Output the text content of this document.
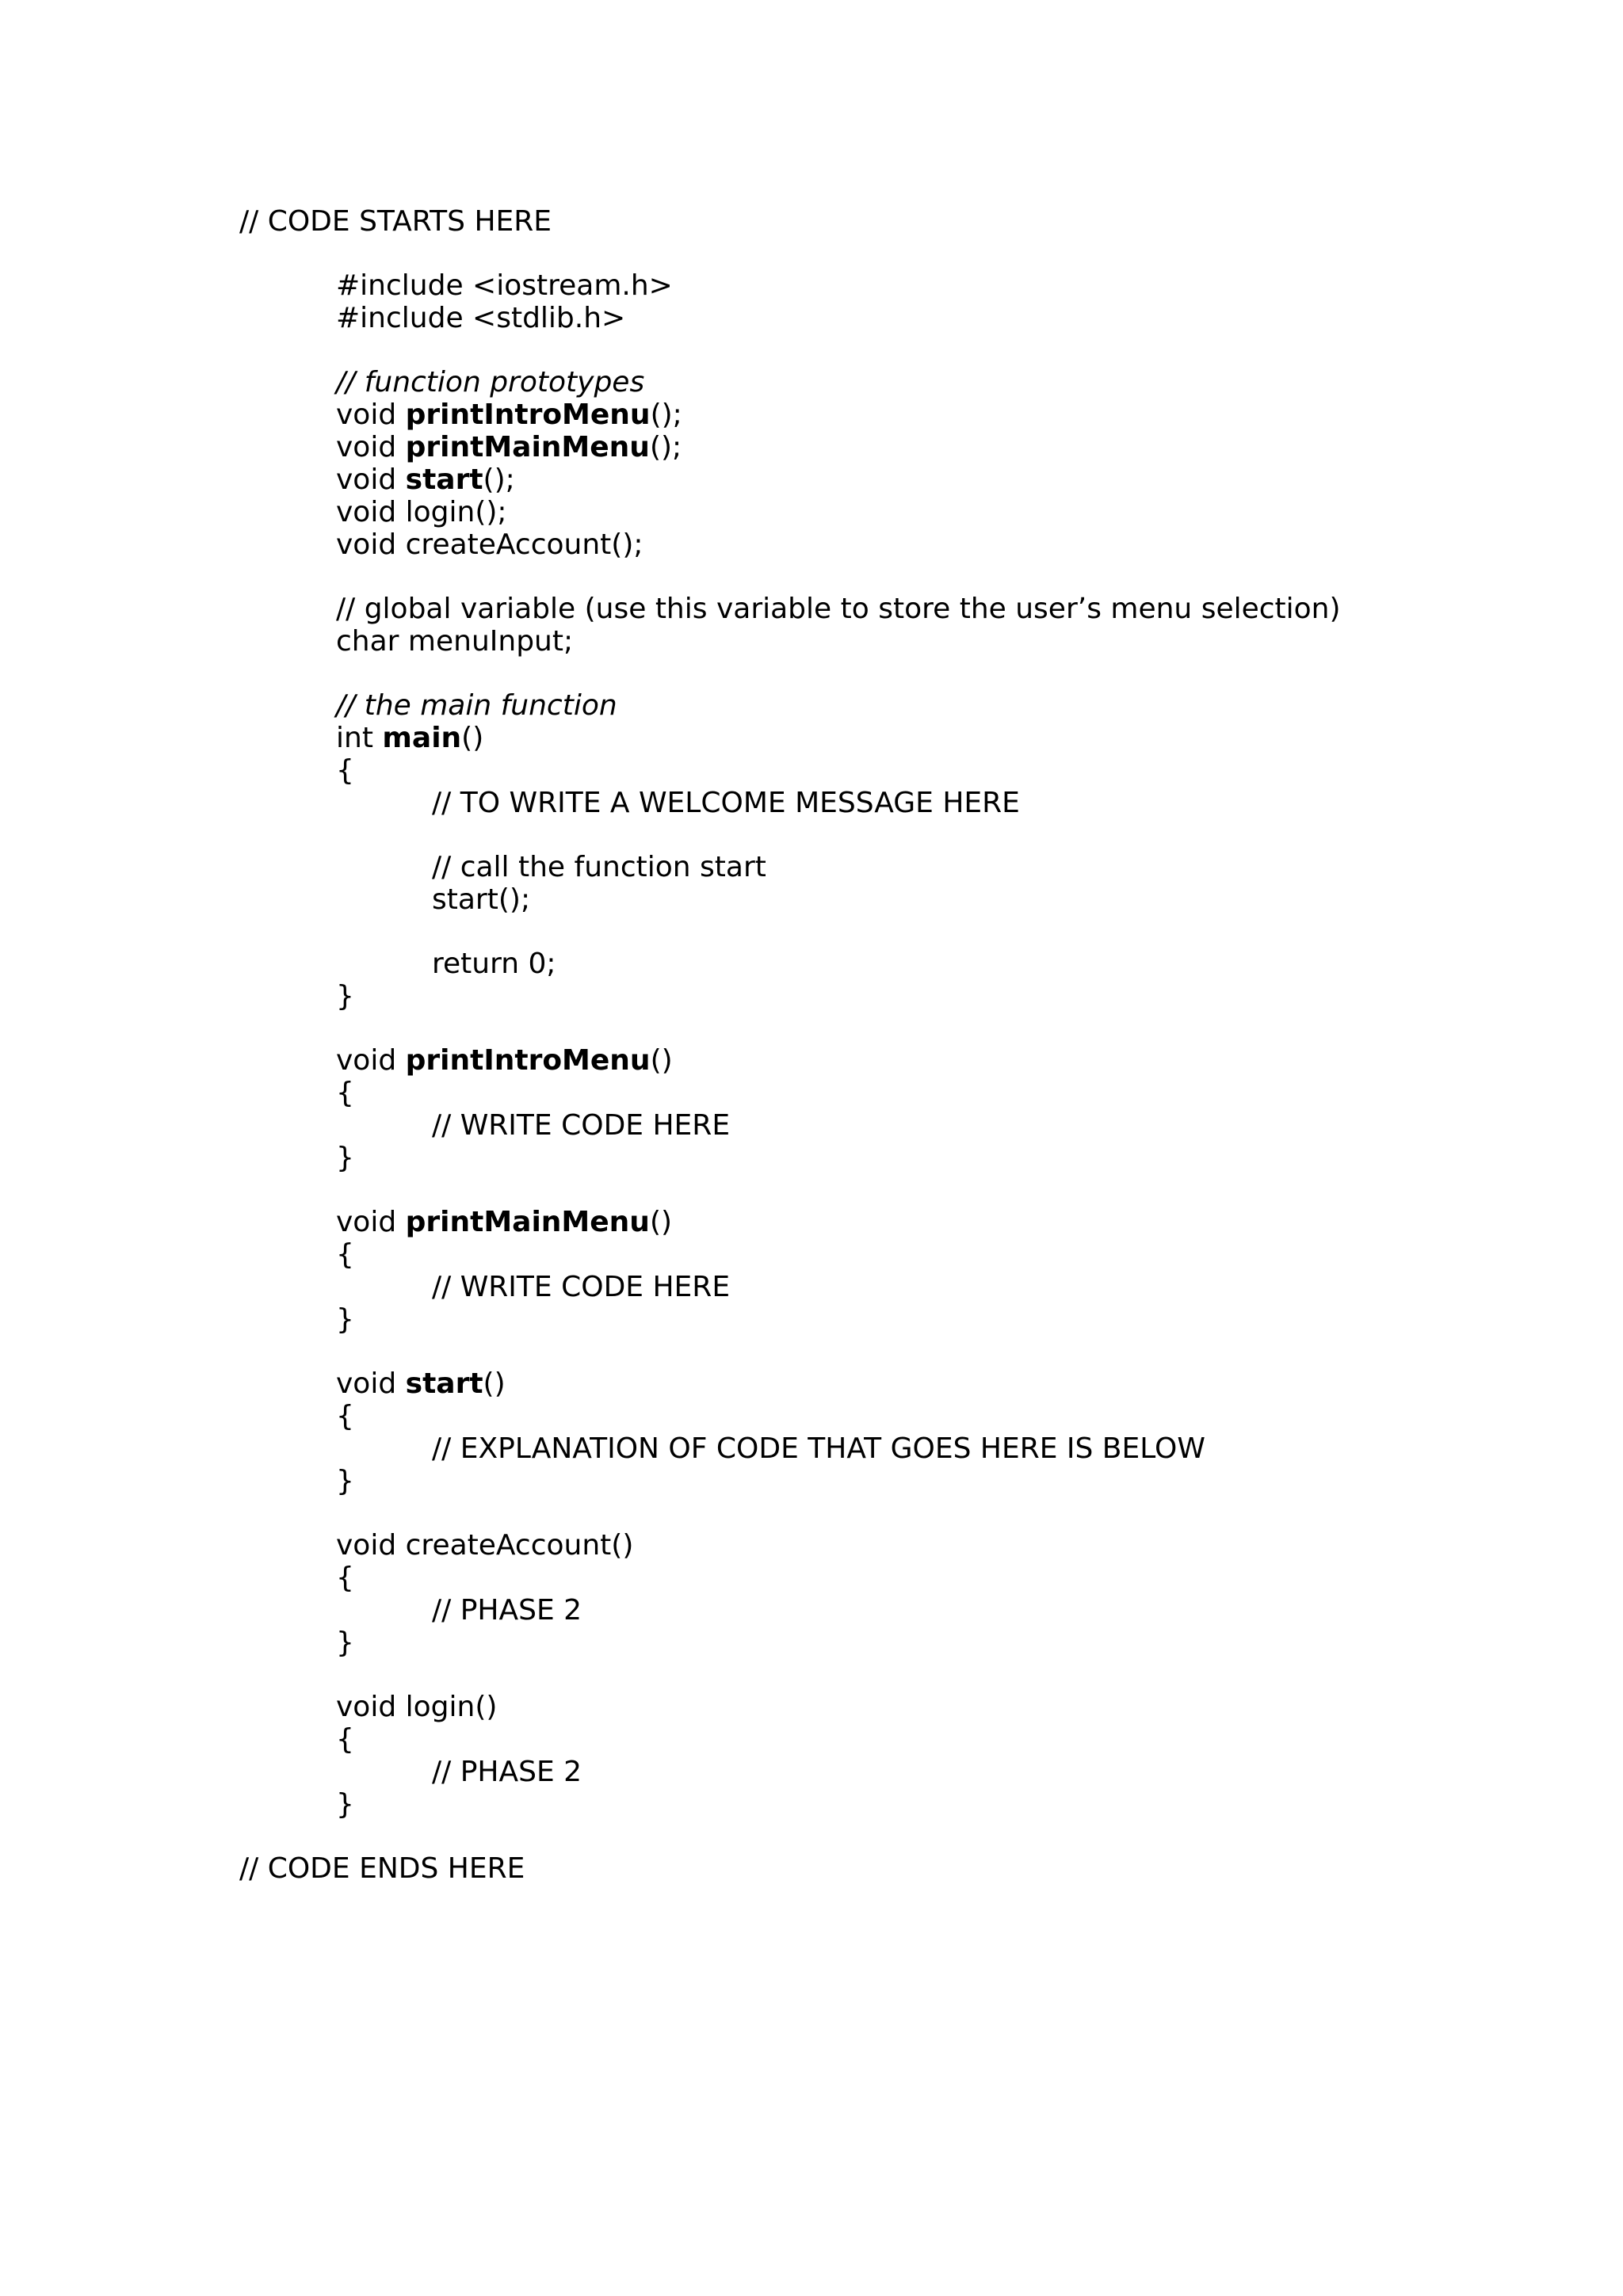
// CODE STARTS HERE
#include <iostream.h>
#include <stdlib.h>
// function prototypes
void printIntroMenu();
void printMainMenu();
void start();
void login();
void createAccount();
// global variable (use this variable to store the user’s menu selection)
char menuInput;
// the main function
int main()
{
// TO WRITE A WELCOME MESSAGE HERE
// call the function start
start();
return 0;
}
void printIntroMenu()
{
// WRITE CODE HERE
}
void printMainMenu()
{
// WRITE CODE HERE
}
void start()
{
// EXPLANATION OF CODE THAT GOES HERE IS BELOW
}
void createAccount()
{
// PHASE 2
}
void login()
{
// PHASE 2
}
// CODE ENDS HERE
